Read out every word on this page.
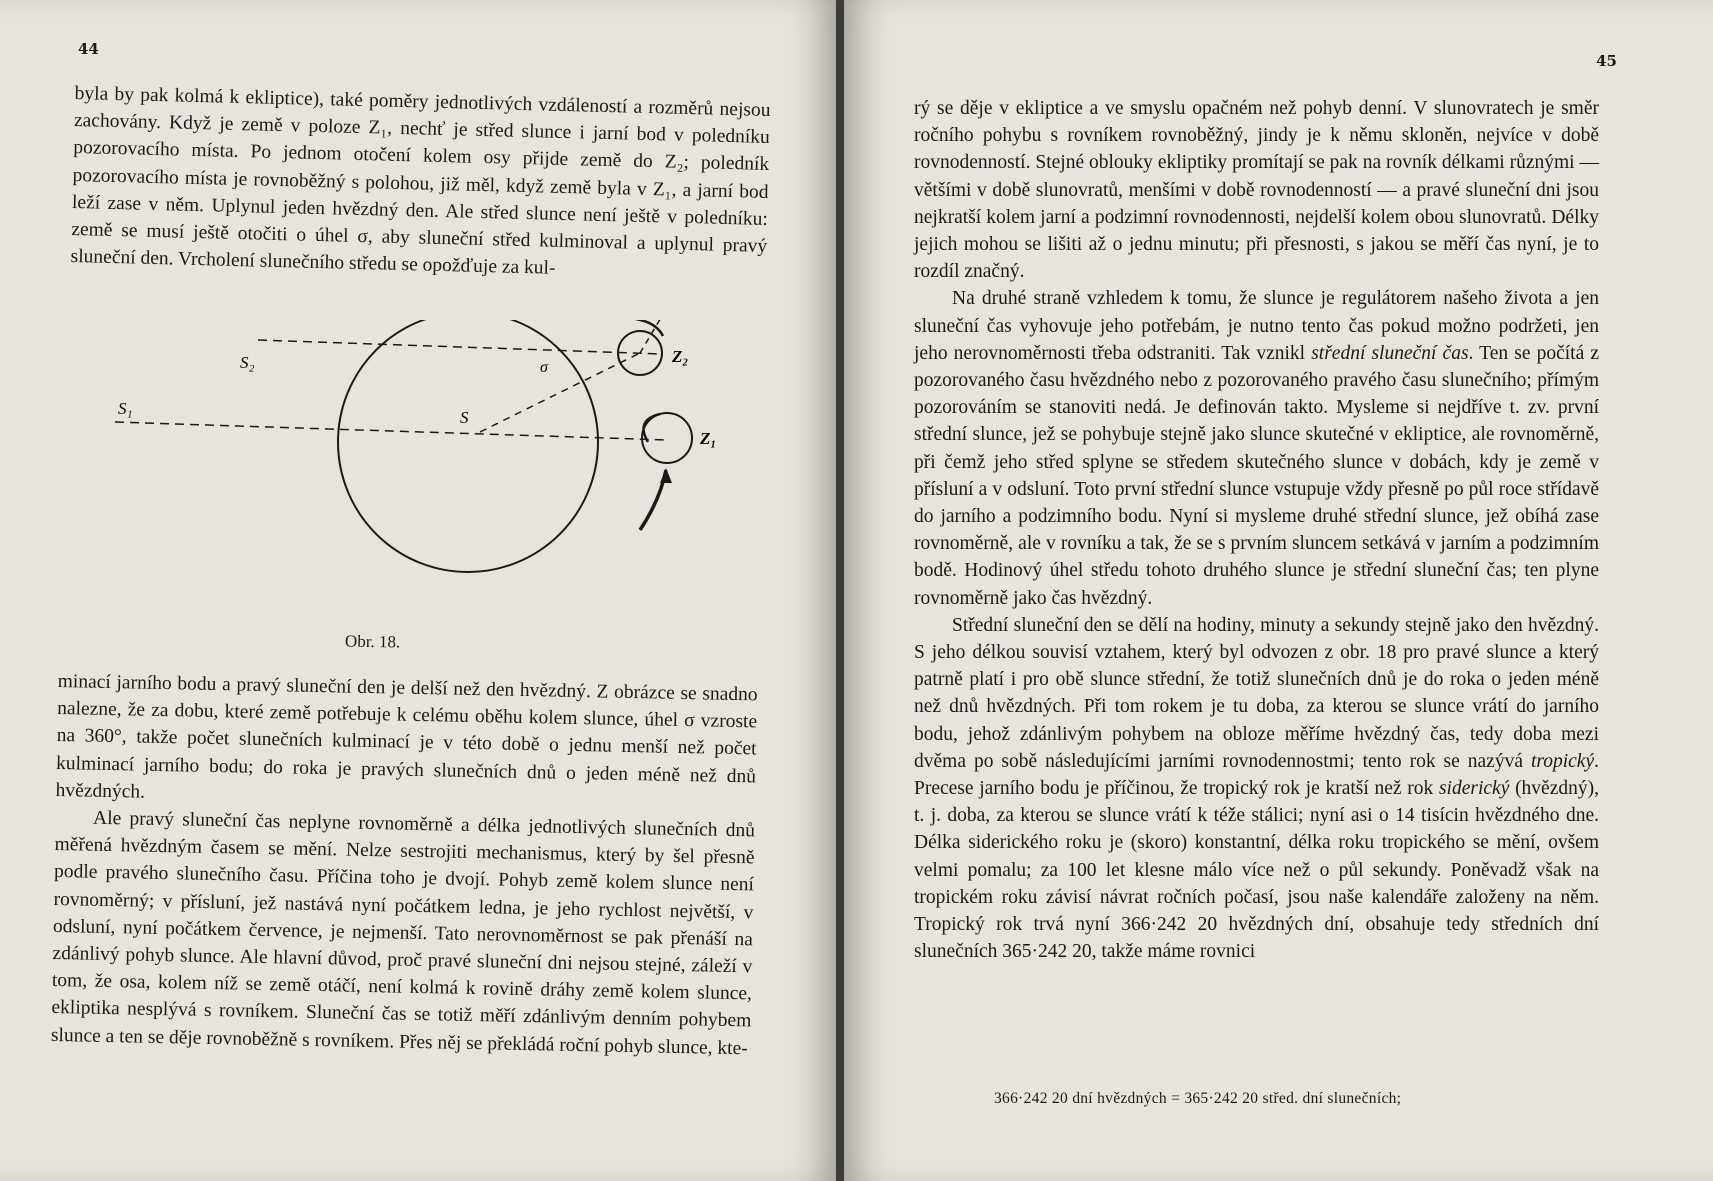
44

byla by pak kolmá k ekliptice), také poměry jednotlivých vzdáleností a rozměrů nejsou zachovány. Když je země v poloze Z₁, nechť je střed slunce i jarní bod v poledníku pozorovacího místa. Po jednom otočení kolem osy přijde země do Z₂; poledník pozorovacího místa je rovnoběžný s polohou, již měl, když země byla v Z₁, a jarní bod leží zase v něm. Uplynul jeden hvězdný den. Ale střed slunce není ještě v poledníku: země se musí ještě otočiti o úhel σ, aby sluneční střed kulminoval a uplynul pravý sluneční den. Vrcholení slunečního středu se opožďuje za kul-

S₂
S₁	S
σ
Z₂
Z₁
Obr. 18.

minací jarního bodu a pravý sluneční den je delší než den hvězdný. Z obrázce se snadno nalezne, že za dobu, které země potřebuje k celému oběhu kolem slunce, úhel σ vzroste na 360°, takže počet slunečních kulminací je v této době o jednu menší než počet kulminací jarního bodu; do roka je pravých slunečních dnů o jeden méně než dnů hvězdných.

Ale pravý sluneční čas neplyne rovnoměrně a délka jednotlivých slunečních dnů měřená hvězdným časem se mění. Nelze sestrojiti mechanismus, který by šel přesně podle pravého slunečního času. Příčina toho je dvojí. Pohyb země kolem slunce není rovnoměrný; v přísluní, jež nastává nyní počátkem ledna, je jeho rychlost největší, v odsluní, nyní počátkem července, je nejmenší. Tato nerovnoměrnost se pak přenáší na zdánlivý pohyb slunce. Ale hlavní důvod, proč pravé sluneční dni nejsou stejné, záleží v tom, že osa, kolem níž se země otáčí, není kolmá k rovině dráhy země kolem slunce, ekliptika nesplývá s rovníkem. Sluneční čas se totiž měří zdánlivým denním pohybem slunce a ten se děje rovnoběžně s rovníkem. Přes něj se překládá roční pohyb slunce, kte-

45

rý se děje v ekliptice a ve smyslu opačném než pohyb denní. V slunovratech je směr ročního pohybu s rovníkem rovnoběžný, jindy je k němu skloněn, nejvíce v době rovnodenností. Stejné oblouky ekliptiky promítají se pak na rovník délkami různými — většími v době slunovratů, menšími v době rovnodenností — a pravé sluneční dni jsou nejkratší kolem jarní a podzimní rovnodennosti, nejdelší kolem obou slunovratů. Délky jejich mohou se lišiti až o jednu minutu; při přesnosti, s jakou se měří čas nyní, je to rozdíl značný.

Na druhé straně vzhledem k tomu, že slunce je regulátorem našeho života a jen sluneční čas vyhovuje jeho potřebám, je nutno tento čas pokud možno podržeti, jen jeho nerovnoměrnosti třeba odstraniti. Tak vznikl střední sluneční čas. Ten se počítá z pozorovaného času hvězdného nebo z pozorovaného pravého času slunečního; přímým pozorováním se stanoviti nedá. Je definován takto. Mysleme si nejdříve t. zv. první střední slunce, jež se pohybuje stejně jako slunce skutečné v ekliptice, ale rovnoměrně, při čemž jeho střed splyne se středem skutečného slunce v dobách, kdy je země v přísluní a v odsluní. Toto první střední slunce vstupuje vždy přesně po půl roce střídavě do jarního a podzimního bodu. Nyní si mysleme druhé střední slunce, jež obíhá zase rovnoměrně, ale v rovníku a tak, že se s prvním sluncem setkává v jarním a podzimním bodě. Hodinový úhel středu tohoto druhého slunce je střední sluneční čas; ten plyne rovnoměrně jako čas hvězdný.

Střední sluneční den se dělí na hodiny, minuty a sekundy stejně jako den hvězdný. S jeho délkou souvisí vztahem, který byl odvozen z obr. 18 pro pravé slunce a který patrně platí i pro obě slunce střední, že totiž slunečních dnů je do roka o jeden méně než dnů hvězdných. Při tom rokem je tu doba, za kterou se slunce vrátí do jarního bodu, jehož zdánlivým pohybem na obloze měříme hvězdný čas, tedy doba mezi dvěma po sobě následujícími jarními rovnodennostmi; tento rok se nazývá tropický. Precese jarního bodu je příčinou, že tropický rok je kratší než rok siderický (hvězdný), t. j. doba, za kterou se slunce vrátí k téže stálici; nyní asi o 14 tisícin hvězdného dne. Délka siderického roku je (skoro) konstantní, délka roku tropického se mění, ovšem velmi pomalu; za 100 let klesne málo více než o půl sekundy. Poněvadž však na tropickém roku závisí návrat ročních počasí, jsou naše kalendáře založeny na něm. Tropický rok trvá nyní 366·242 20 hvězdných dní, obsahuje tedy středních dní slunečních 365·242 20, takže máme rovnici

366·242 20 dní hvězdných = 365·242 20 střed. dní slunečních;
